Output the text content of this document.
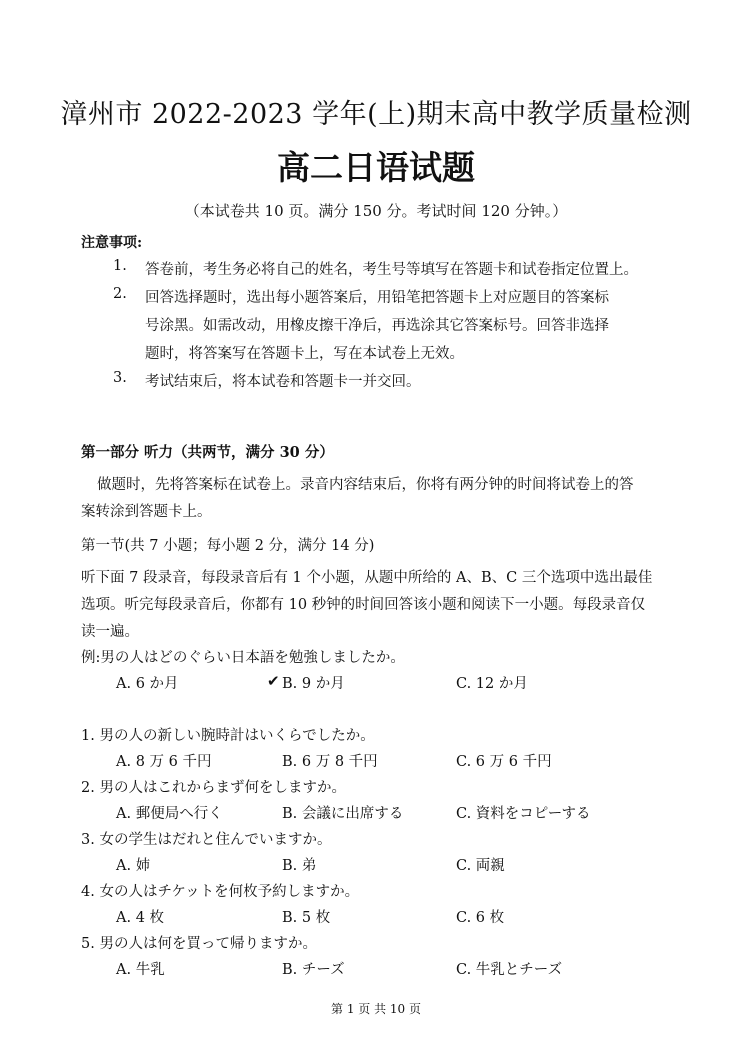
漳州市 2022-2023 学年(上)期末高中教学质量检测
高二日语试题
（本试卷共 10 页。满分 150 分。考试时间 120 分钟。）
注意事项:
1. 答卷前，考生务必将自己的姓名，考生号等填写在答题卡和试卷指定位置上。
2. 回答选择题时，选出每小题答案后，用铅笔把答题卡上对应题目的答案标
号涂黑。如需改动，用橡皮擦干净后，再选涂其它答案标号。回答非选择
题时，将答案写在答题卡上，写在本试卷上无效。
3. 考试结束后，将本试卷和答题卡一并交回。
第一部分 听力（共两节，满分 30 分）
做题时，先将答案标在试卷上。录音内容结束后，你将有两分钟的时间将试卷上的答
案转涂到答题卡上。
第一节(共 7 小题；每小题 2 分，满分 14 分)
听下面 7 段录音，每段录音后有 1 个小题，从题中所给的 A、B、C 三个选项中选出最佳
选项。听完每段录音后，你都有 10 秒钟的时间回答该小题和阅读下一小题。每段录音仅
读一遍。
例:男の人はどのぐらい日本語を勉強しましたか。
A. 6 か月	✔ B. 9 か月	C. 12 か月
1. 男の人の新しい腕時計はいくらでしたか。
A. 8 万 6 千円	B. 6 万 8 千円	C. 6 万 6 千円
2. 男の人はこれからまず何をしますか。
A. 郵便局へ行く	B. 会議に出席する	C. 資料をコピーする
3. 女の学生はだれと住んでいますか。
A. 姉	B. 弟	C. 両親
4. 女の人はチケットを何枚予約しますか。
A. 4 枚	B. 5 枚	C. 6 枚
5. 男の人は何を買って帰りますか。
A. 牛乳	B. チーズ	C. 牛乳とチーズ
第 1 页 共 10 页
